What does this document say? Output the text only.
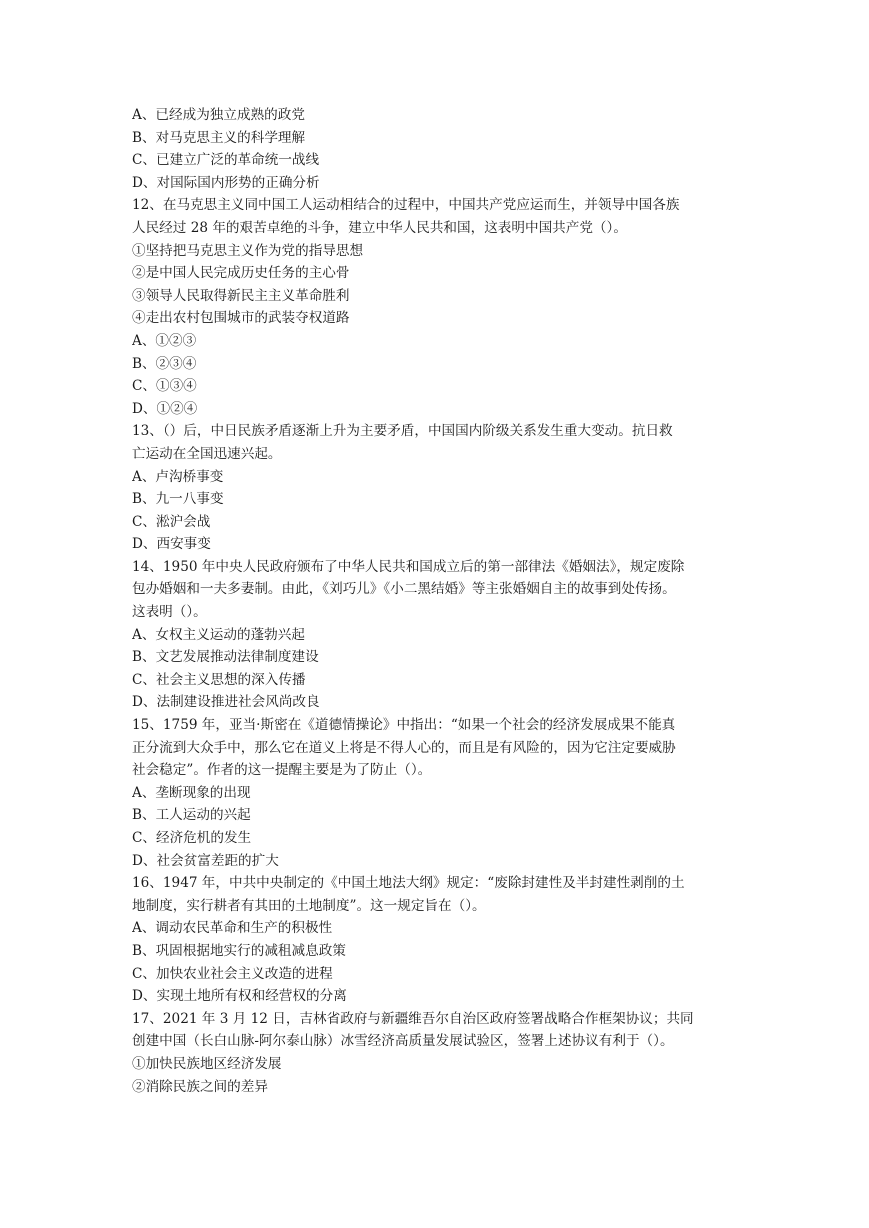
A、已经成为独立成熟的政党
B、对马克思主义的科学理解
C、已建立广泛的革命统一战线
D、对国际国内形势的正确分析
12、在马克思主义同中国工人运动相结合的过程中，中国共产党应运而生，并领导中国各族
人民经过 28 年的艰苦卓绝的斗争，建立中华人民共和国，这表明中国共产党（）。
①坚持把马克思主义作为党的指导思想
②是中国人民完成历史任务的主心骨
③领导人民取得新民主主义革命胜利
④走出农村包围城市的武装夺权道路
A、①②③
B、②③④
C、①③④
D、①②④
13、（）后，中日民族矛盾逐渐上升为主要矛盾，中国国内阶级关系发生重大变动。抗日救
亡运动在全国迅速兴起。
A、卢沟桥事变
B、九一八事变
C、淞沪会战
D、西安事变
14、1950 年中央人民政府颁布了中华人民共和国成立后的第一部律法《婚姻法》，规定废除
包办婚姻和一夫多妻制。由此，《刘巧儿》《小二黑结婚》等主张婚姻自主的故事到处传扬。
这表明（）。
A、女权主义运动的蓬勃兴起
B、文艺发展推动法律制度建设
C、社会主义思想的深入传播
D、法制建设推进社会风尚改良
15、1759 年，亚当·斯密在《道德情操论》中指出：“如果一个社会的经济发展成果不能真
正分流到大众手中，那么它在道义上将是不得人心的，而且是有风险的，因为它注定要威胁
社会稳定”。作者的这一提醒主要是为了防止（）。
A、垄断现象的出现
B、工人运动的兴起
C、经济危机的发生
D、社会贫富差距的扩大
16、1947 年，中共中央制定的《中国土地法大纲》规定：“废除封建性及半封建性剥削的土
地制度，实行耕者有其田的土地制度”。这一规定旨在（）。
A、调动农民革命和生产的积极性
B、巩固根据地实行的减租减息政策
C、加快农业社会主义改造的进程
D、实现土地所有权和经营权的分离
17、2021 年 3 月 12 日，吉林省政府与新疆维吾尔自治区政府签署战略合作框架协议；共同
创建中国（长白山脉-阿尔泰山脉）冰雪经济高质量发展试验区，签署上述协议有利于（）。
①加快民族地区经济发展
②消除民族之间的差异
